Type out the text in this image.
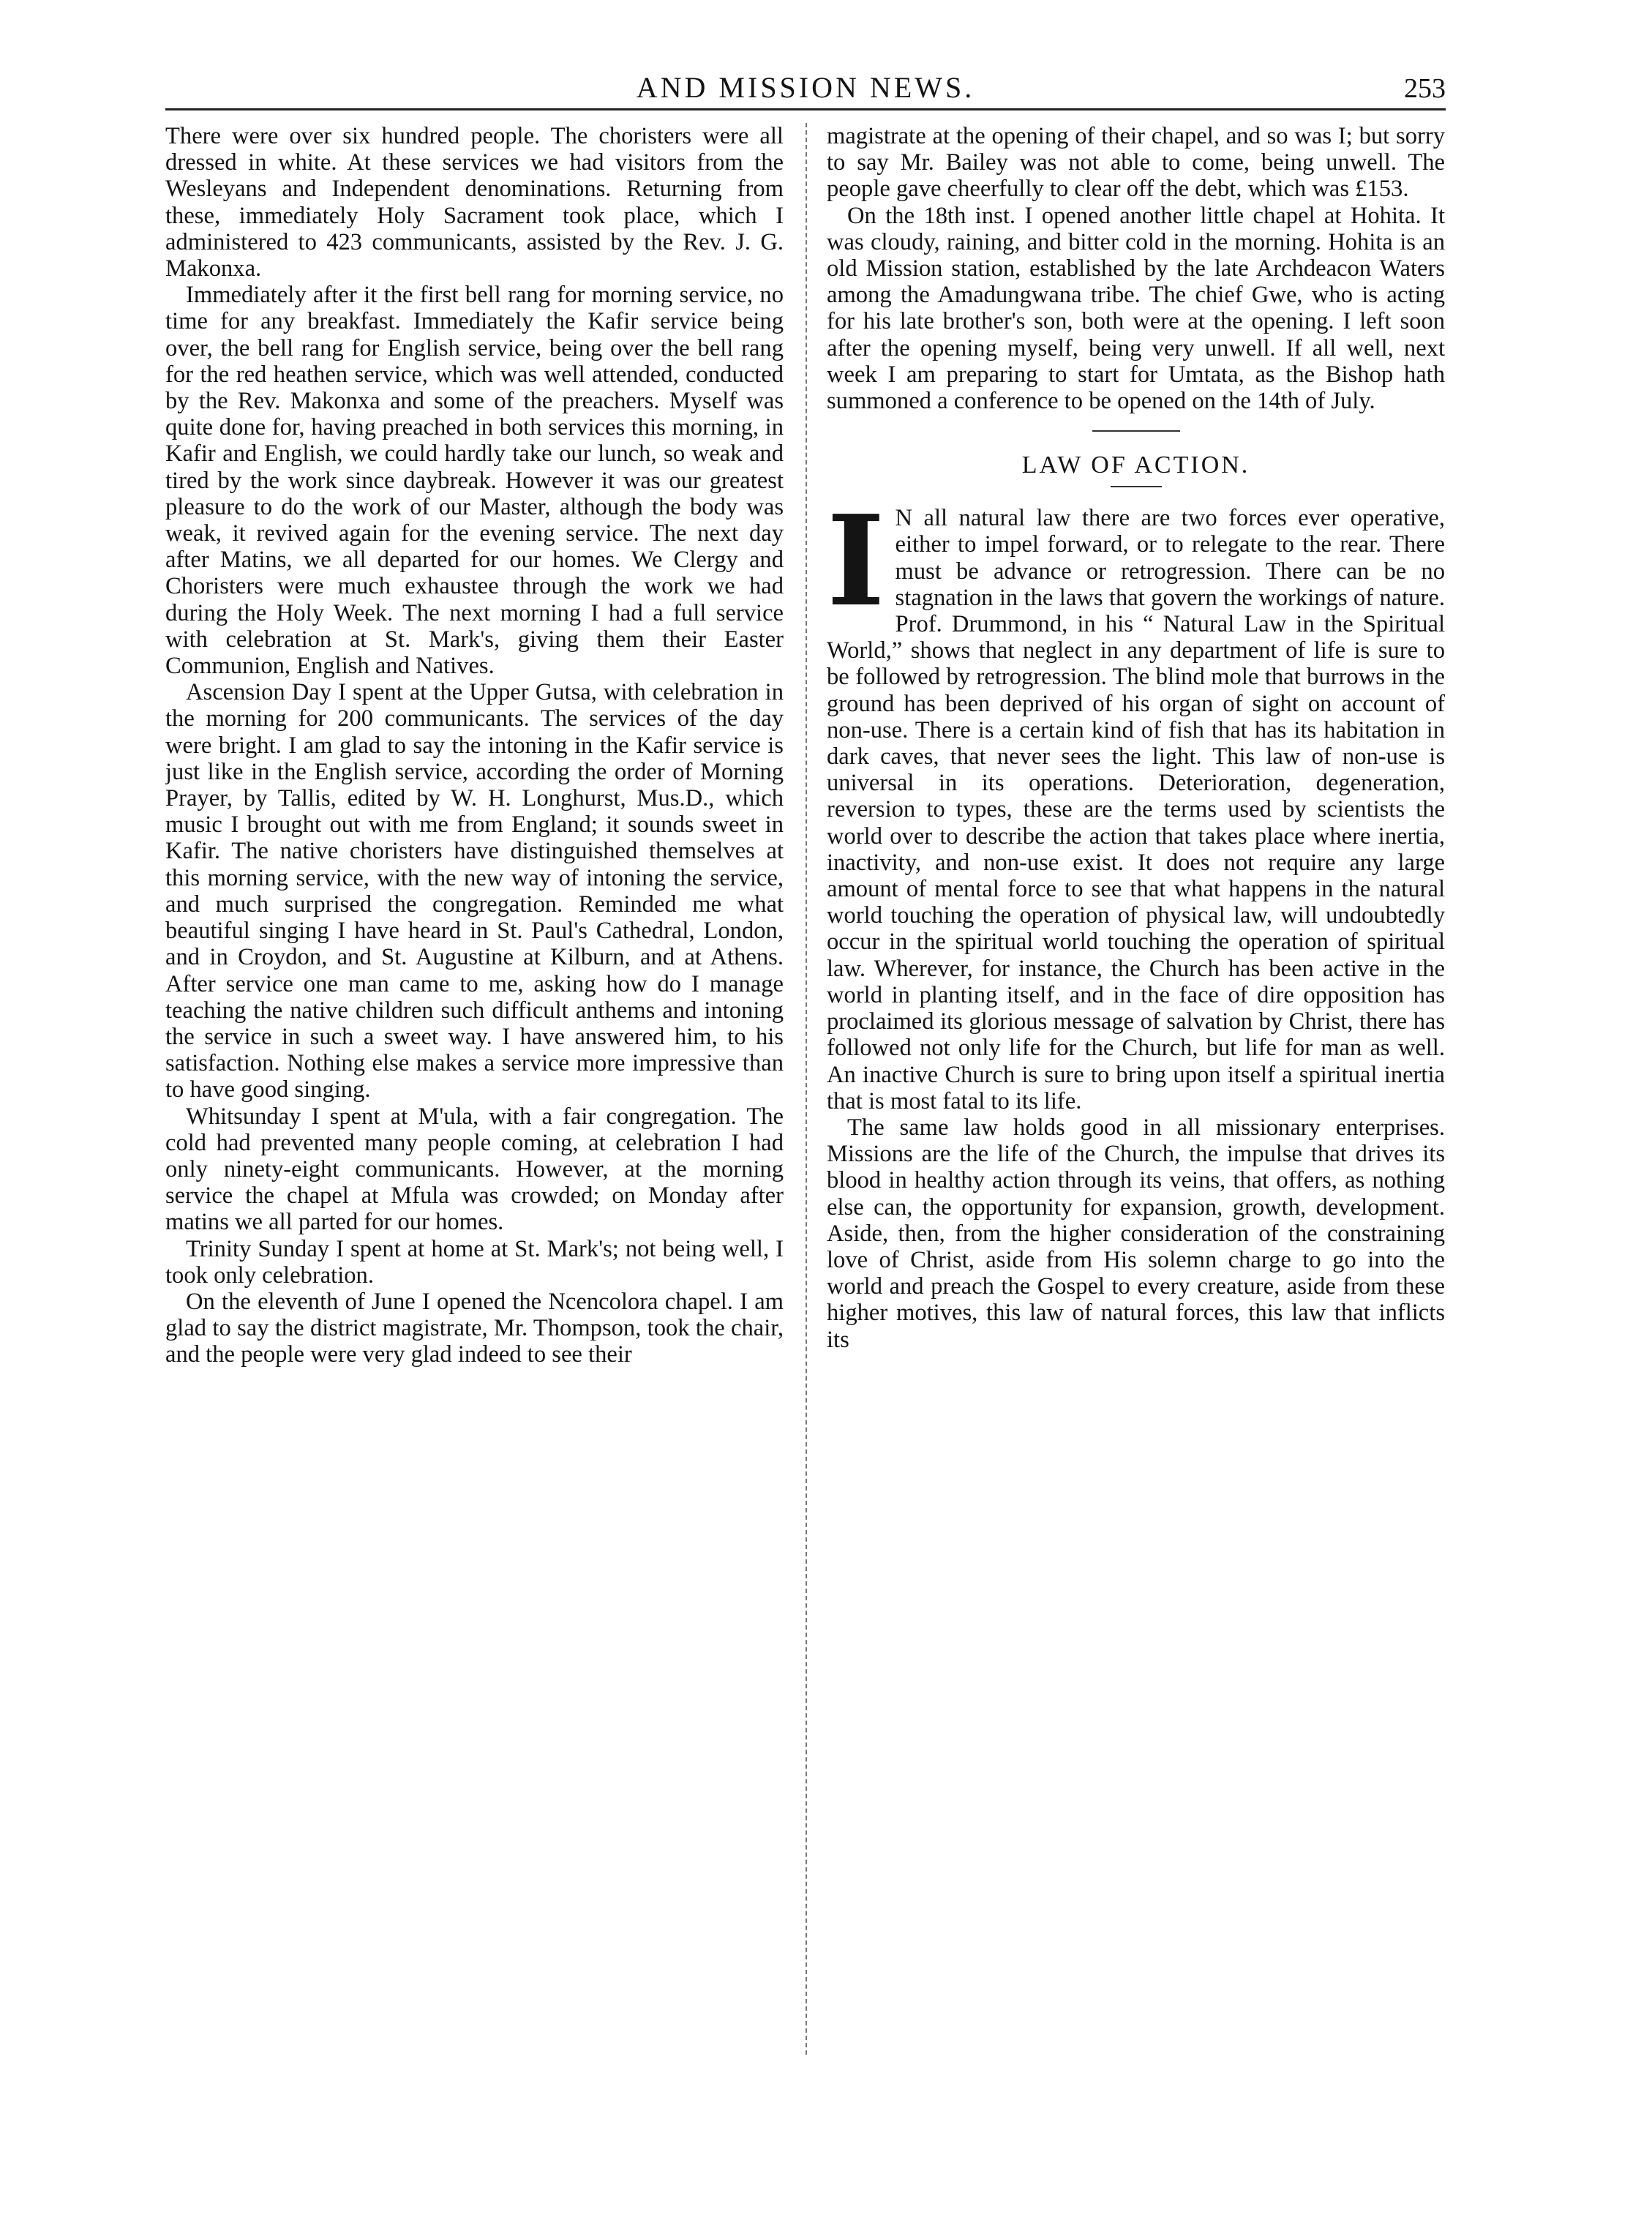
AND MISSION NEWS.	253

There were over six hundred people. The choristers were all dressed in white. At these services we had visitors from the Wesleyans and Independent denominations. Returning from these, immediately Holy Sacrament took place, which I administered to 423 communicants, assisted by the Rev. J. G. Makonxa.

Immediately after it the first bell rang for morning service, no time for any breakfast. Immediately the Kafir service being over, the bell rang for English service, being over the bell rang for the red heathen service, which was well attended, conducted by the Rev. Makonxa and some of the preachers. Myself was quite done for, having preached in both services this morning, in Kafir and English, we could hardly take our lunch, so weak and tired by the work since daybreak. However it was our greatest pleasure to do the work of our Master, although the body was weak, it revived again for the evening service. The next day after Matins, we all departed for our homes. We Clergy and Choristers were much exhaustee through the work we had during the Holy Week. The next morning I had a full service with celebration at St. Mark's, giving them their Easter Communion, English and Natives.

Ascension Day I spent at the Upper Gutsa, with celebration in the morning for 200 communicants. The services of the day were bright. I am glad to say the intoning in the Kafir service is just like in the English service, according the order of Morning Prayer, by Tallis, edited by W. H. Longhurst, Mus.D., which music I brought out with me from England; it sounds sweet in Kafir. The native choristers have distinguished themselves at this morning service, with the new way of intoning the service, and much surprised the congregation. Reminded me what beautiful singing I have heard in St. Paul's Cathedral, London, and in Croydon, and St. Augustine at Kilburn, and at Athens. After service one man came to me, asking how do I manage teaching the native children such difficult anthems and intoning the service in such a sweet way. I have answered him, to his satisfaction. Nothing else makes a service more impressive than to have good singing.

Whitsunday I spent at M'ula, with a fair congregation. The cold had prevented many people coming, at celebration I had only ninety-eight communicants. However, at the morning service the chapel at Mfula was crowded; on Monday after matins we all parted for our homes.

Trinity Sunday I spent at home at St. Mark's; not being well, I took only celebration.

On the eleventh of June I opened the Ncencolora chapel. I am glad to say the district magistrate, Mr. Thompson, took the chair, and the people were very glad indeed to see their

magistrate at the opening of their chapel, and so was I; but sorry to say Mr. Bailey was not able to come, being unwell. The people gave cheerfully to clear off the debt, which was £153.

On the 18th inst. I opened another little chapel at Hohita. It was cloudy, raining, and bitter cold in the morning. Hohita is an old Mission station, established by the late Archdeacon Waters among the Amadungwana tribe. The chief Gwe, who is acting for his late brother's son, both were at the opening. I left soon after the opening myself, being very unwell. If all well, next week I am preparing to start for Umtata, as the Bishop hath summoned a conference to be opened on the 14th of July.

LAW OF ACTION.

I N all natural law there are two forces ever operative, either to impel forward, or to relegate to the rear. There must be advance or retrogression. There can be no stagnation in the laws that govern the workings of nature. Prof. Drummond, in his “ Natural Law in the Spiritual World,” shows that neglect in any department of life is sure to be followed by retrogression. The blind mole that burrows in the ground has been deprived of his organ of sight on account of non-use. There is a certain kind of fish that has its habitation in dark caves, that never sees the light. This law of non-use is universal in its operations. Deterioration, degeneration, reversion to types, these are the terms used by scientists the world over to describe the action that takes place where inertia, inactivity, and non-use exist. It does not require any large amount of mental force to see that what happens in the natural world touching the operation of physical law, will undoubtedly occur in the spiritual world touching the operation of spiritual law. Wherever, for instance, the Church has been active in the world in planting itself, and in the face of dire opposition has proclaimed its glorious message of salvation by Christ, there has followed not only life for the Church, but life for man as well. An inactive Church is sure to bring upon itself a spiritual inertia that is most fatal to its life.

The same law holds good in all missionary enterprises. Missions are the life of the Church, the impulse that drives its blood in healthy action through its veins, that offers, as nothing else can, the opportunity for expansion, growth, development. Aside, then, from the higher consideration of the constraining love of Christ, aside from His solemn charge to go into the world and preach the Gospel to every creature, aside from these higher motives, this law of natural forces, this law that inflicts its
